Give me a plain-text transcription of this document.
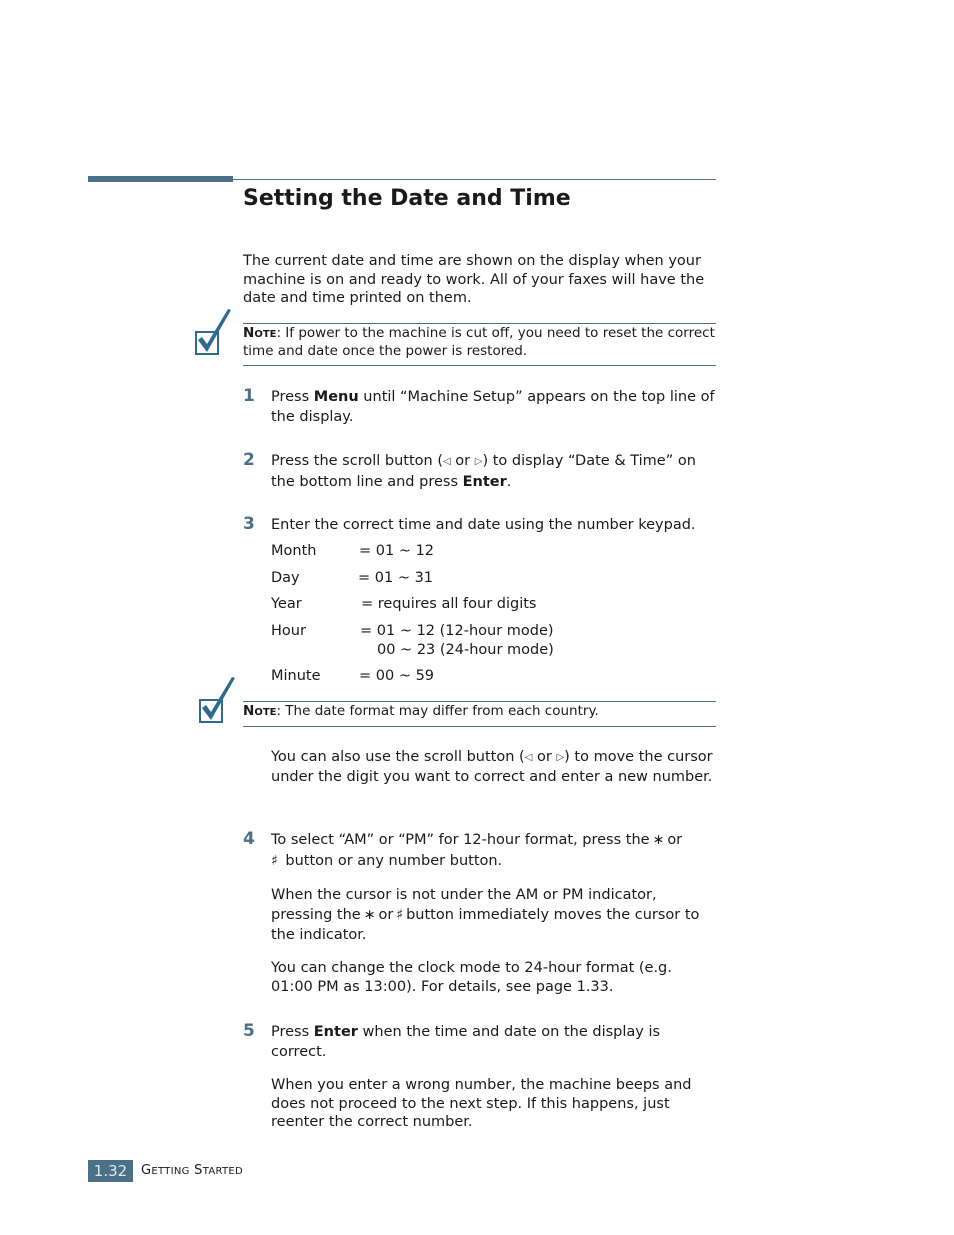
Setting the Date and Time
The current date and time are shown on the display when your machine is on and ready to work. All of your faxes will have the date and time printed on them.
NOTE: If power to the machine is cut off, you need to reset the correct time and date once the power is restored.
1 Press Menu until “Machine Setup” appears on the top line of the display.
2 Press the scroll button (◁ or ▷) to display “Date & Time” on the bottom line and press Enter.
3 Enter the correct time and date using the number keypad.
Month	= 01 ~ 12
Day	= 01 ~ 31
Year	= requires all four digits
Hour	= 01 ~ 12 (12-hour mode)
00 ~ 23 (24-hour mode)
Minute	= 00 ~ 59
NOTE: The date format may differ from each country.
You can also use the scroll button (◁ or ▷) to move the cursor under the digit you want to correct and enter a new number.
4 To select “AM” or “PM” for 12-hour format, press the ∗ or
♯ button or any number button.
When the cursor is not under the AM or PM indicator, pressing the ∗ or ♯ button immediately moves the cursor to the indicator.
You can change the clock mode to 24-hour format (e.g. 01:00 PM as 13:00). For details, see page 1.33.
5 Press Enter when the time and date on the display is correct.
When you enter a wrong number, the machine beeps and does not proceed to the next step. If this happens, just reenter the correct number.
1.32	GETTING STARTED
